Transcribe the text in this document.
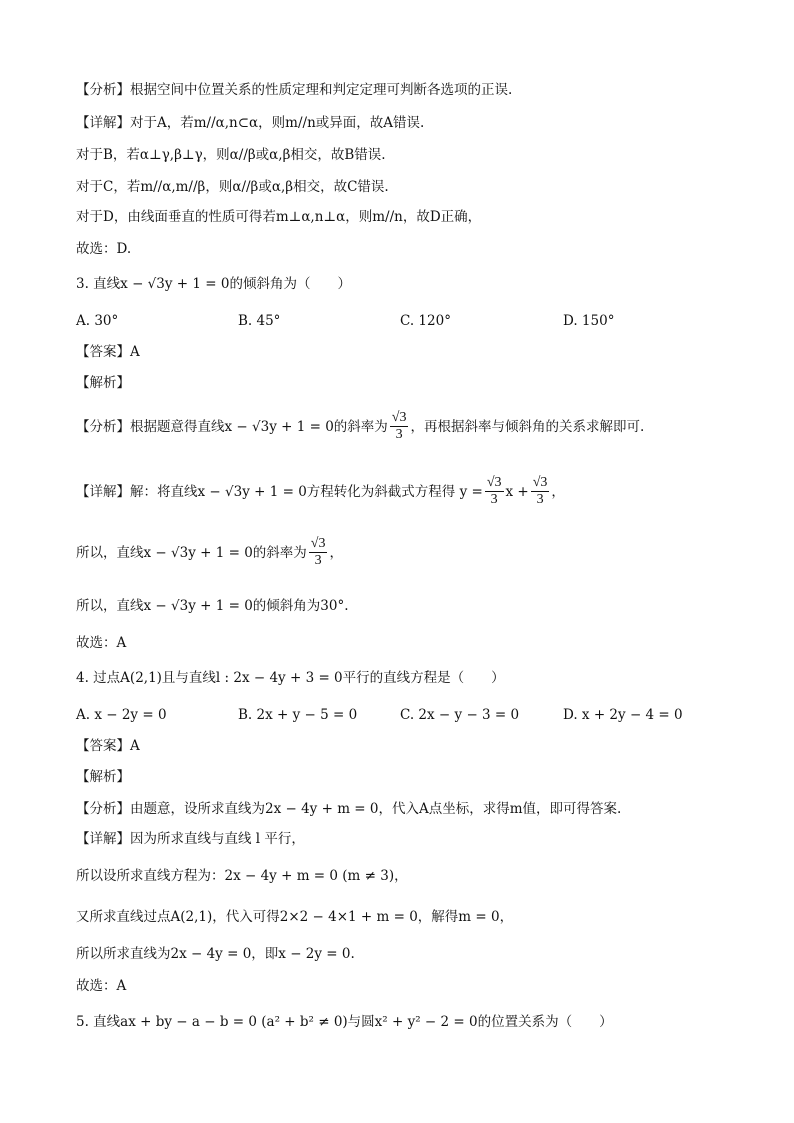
【分析】根据空间中位置关系的性质定理和判定定理可判断各选项的正误.
【详解】对于A，若m//α,n⊂α，则m//n或异面，故A错误.
对于B，若α⊥γ,β⊥γ，则α//β或α,β相交，故B错误.
对于C，若m//α,m//β，则α//β或α,β相交，故C错误.
对于D，由线面垂直的性质可得若m⊥α,n⊥α，则m//n，故D正确，
故选：D.
3. 直线x − √3y + 1 = 0的倾斜角为（　　）
A. 30°	B. 45°	C. 120°	D. 150°
【答案】A
【解析】
【分析】根据题意得直线x − √3y + 1 = 0的斜率为 $\frac{√3}{3}$ ，再根据斜率与倾斜角的关系求解即可.
【详解】解：将直线x − √3y + 1 = 0方程转化为斜截式方程得 $y = \frac{√3}{3}$ $x + \frac{√3}{3}$ ，
所以，直线x − √3y + 1 = 0的斜率为 $\frac{√3}{3}$ ，
所以，直线x − √3y + 1 = 0的倾斜角为30°.
故选：A
4. 过点A(2,1)且与直线l : 2x − 4y + 3 = 0平行的直线方程是（　　）
A. x − 2y = 0	B. 2x + y − 5 = 0	C. 2x − y − 3 = 0	D. x + 2y − 4 = 0
【答案】A
【解析】
【分析】由题意，设所求直线为2x − 4y + m = 0，代入A点坐标，求得m值，即可得答案.
【详解】因为所求直线与直线 l 平行，
所以设所求直线方程为：2x − 4y + m = 0 (m ≠ 3)，
又所求直线过点A(2,1)，代入可得2×2 − 4×1 + m = 0，解得m = 0，
所以所求直线为2x − 4y = 0，即x − 2y = 0.
故选：A
5. 直线ax + by − a − b = 0 (a² + b² ≠ 0)与圆x² + y² − 2 = 0的位置关系为（　　）
